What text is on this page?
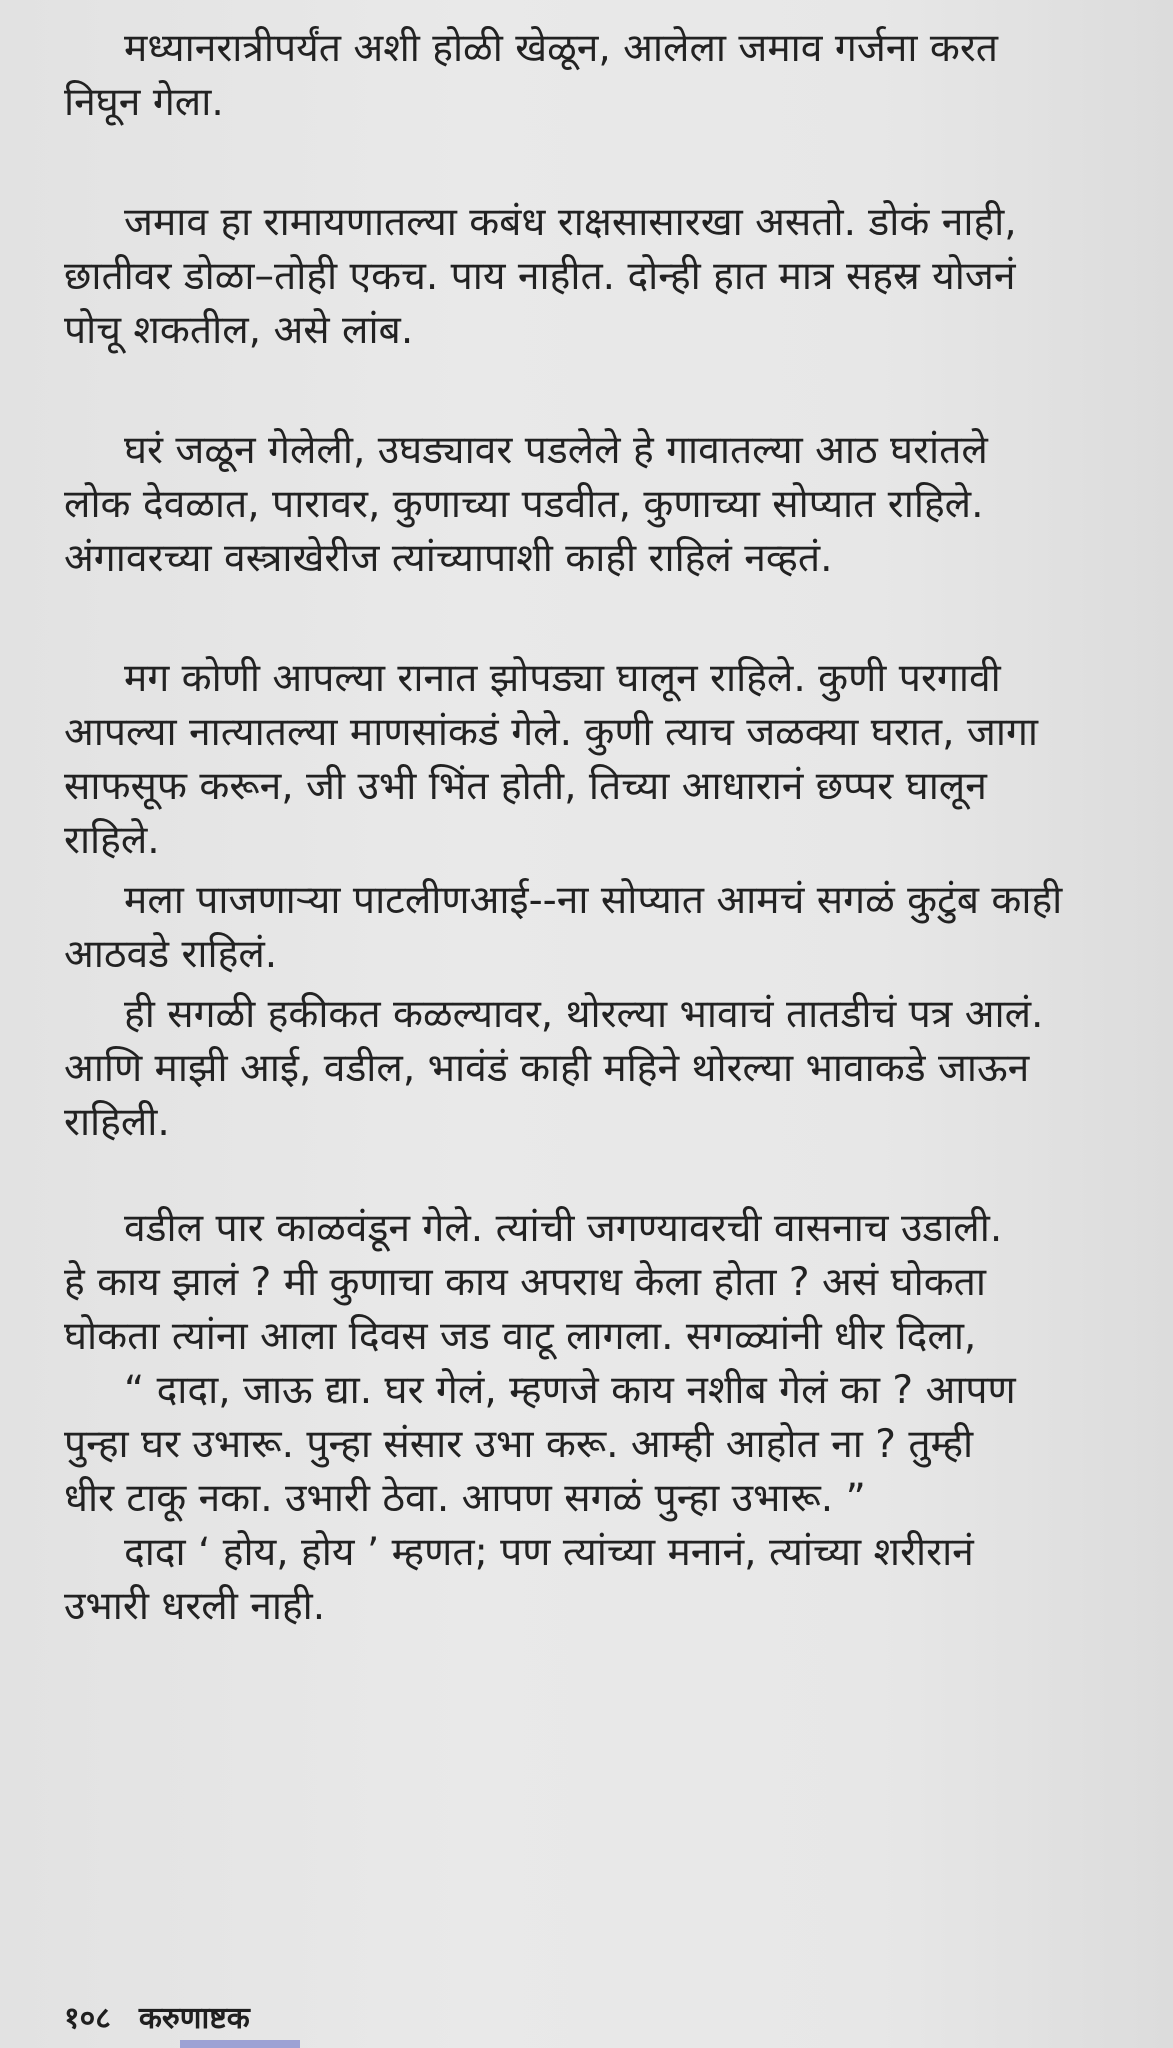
मध्यानरात्रीपर्यंत अशी होळी खेळून, आलेला जमाव गर्जना करत
निघून गेला.
जमाव हा रामायणातल्या कबंध राक्षसासारखा असतो. डोकं नाही,
छातीवर डोळा–तोही एकच. पाय नाहीत. दोन्ही हात मात्र सहस्र योजनं
पोचू शकतील, असे लांब.
घरं जळून गेलेली, उघड्यावर पडलेले हे गावातल्या आठ घरांतले
लोक देवळात, पारावर, कुणाच्या पडवीत, कुणाच्या सोप्यात राहिले.
अंगावरच्या वस्त्राखेरीज त्यांच्यापाशी काही राहिलं नव्हतं.
मग कोणी आपल्या रानात झोपड्या घालून राहिले. कुणी परगावी
आपल्या नात्यातल्या माणसांकडं गेले. कुणी त्याच जळक्या घरात, जागा
साफसूफ करून, जी उभी भिंत होती, तिच्या आधारानं छप्पर घालून
राहिले.
मला पाजणाऱ्या पाटलीणआई--ना सोप्यात आमचं सगळं कुटुंब काही
आठवडे राहिलं.
ही सगळी हकीकत कळल्यावर, थोरल्या भावाचं तातडीचं पत्र आलं.
आणि माझी आई, वडील, भावंडं काही महिने थोरल्या भावाकडे जाऊन
राहिली.
वडील पार काळवंडून गेले. त्यांची जगण्यावरची वासनाच उडाली.
हे काय झालं ? मी कुणाचा काय अपराध केला होता ? असं घोकता
घोकता त्यांना आला दिवस जड वाटू लागला. सगळ्यांनी धीर दिला,
“ दादा, जाऊ द्या. घर गेलं, म्हणजे काय नशीब गेलं का ? आपण
पुन्हा घर उभारू. पुन्हा संसार उभा करू. आम्ही आहोत ना ? तुम्ही
धीर टाकू नका. उभारी ठेवा. आपण सगळं पुन्हा उभारू. ”
दादा ‘ होय, होय ’ म्हणत; पण त्यांच्या मनानं, त्यांच्या शरीरानं
उभारी धरली नाही.
१०८ करुणाष्टक
